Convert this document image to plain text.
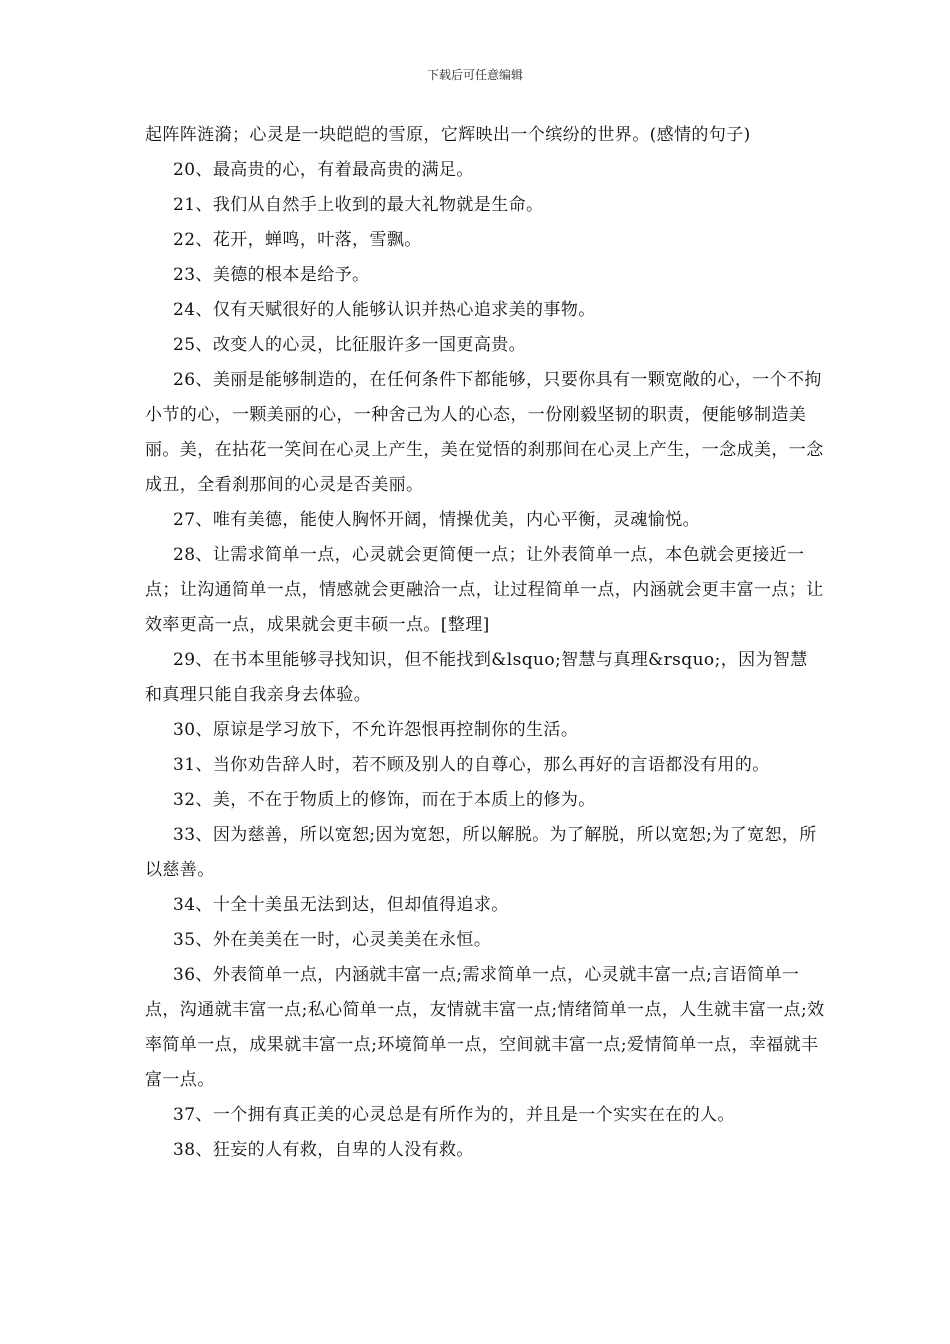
下载后可任意编辑

起阵阵涟漪；心灵是一块皑皑的雪原，它辉映出一个缤纷的世界。(感情的句子)

20、最高贵的心，有着最高贵的满足。

21、我们从自然手上收到的最大礼物就是生命。

22、花开，蝉鸣，叶落，雪飘。

23、美德的根本是给予。

24、仅有天赋很好的人能够认识并热心追求美的事物。

25、改变人的心灵，比征服许多一国更高贵。

26、美丽是能够制造的，在任何条件下都能够，只要你具有一颗宽敞的心，一个不拘小节的心，一颗美丽的心，一种舍己为人的心态，一份刚毅坚韧的职责，便能够制造美丽。美，在拈花一笑间在心灵上产生，美在觉悟的刹那间在心灵上产生，一念成美，一念成丑，全看刹那间的心灵是否美丽。

27、唯有美德，能使人胸怀开阔，情操优美，内心平衡，灵魂愉悦。

28、让需求简单一点，心灵就会更简便一点；让外表简单一点，本色就会更接近一点；让沟通简单一点，情感就会更融洽一点，让过程简单一点，内涵就会更丰富一点；让效率更高一点，成果就会更丰硕一点。[整理]

29、在书本里能够寻找知识，但不能找到&lsquo;智慧与真理&rsquo;，因为智慧和真理只能自我亲身去体验。

30、原谅是学习放下，不允许怨恨再控制你的生活。

31、当你劝告辞人时，若不顾及别人的自尊心，那么再好的言语都没有用的。

32、美，不在于物质上的修饰，而在于本质上的修为。

33、因为慈善，所以宽恕;因为宽恕，所以解脱。为了解脱，所以宽恕;为了宽恕，所以慈善。

34、十全十美虽无法到达，但却值得追求。

35、外在美美在一时，心灵美美在永恒。

36、外表简单一点，内涵就丰富一点;需求简单一点，心灵就丰富一点;言语简单一点，沟通就丰富一点;私心简单一点，友情就丰富一点;情绪简单一点，人生就丰富一点;效率简单一点，成果就丰富一点;环境简单一点，空间就丰富一点;爱情简单一点，幸福就丰富一点。

37、一个拥有真正美的心灵总是有所作为的，并且是一个实实在在的人。

38、狂妄的人有救，自卑的人没有救。
